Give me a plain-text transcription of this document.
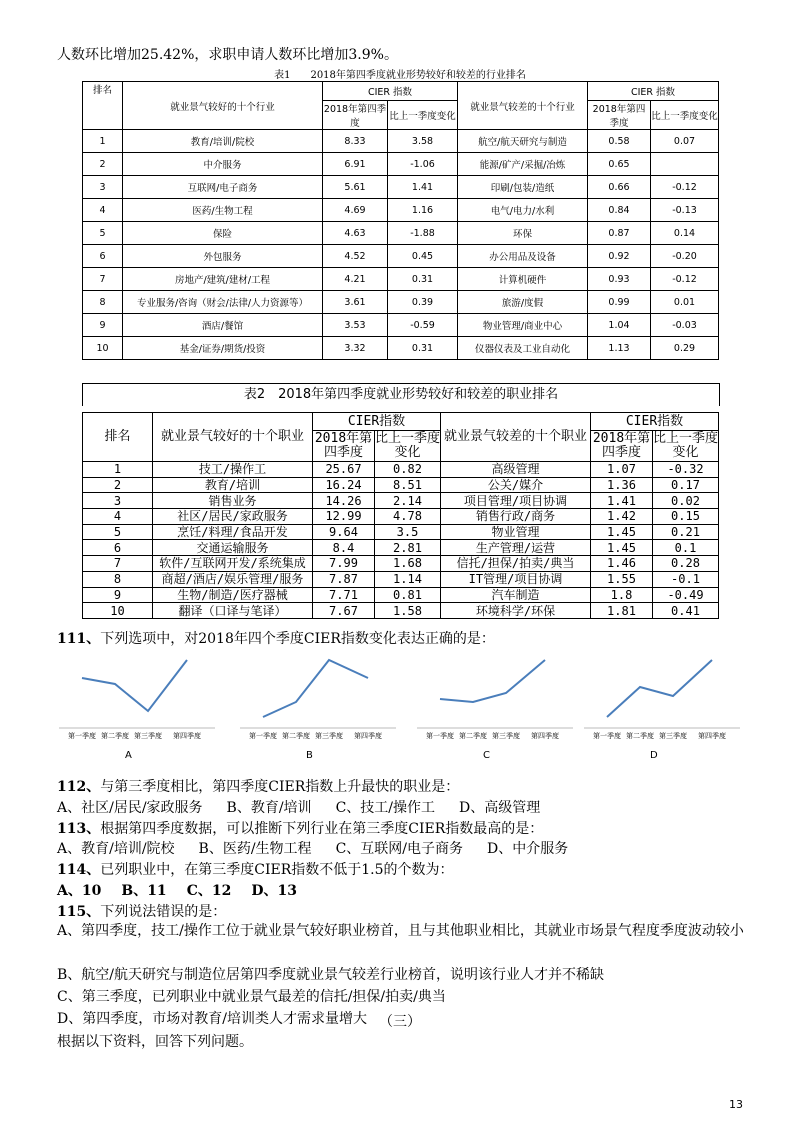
人数环比增加25.42%，求职申请人数环比增加3.9%。
表1　　2018年第四季度就业形势较好和较差的行业排名
排名	就业景气较好的十个行业	CIER 指数		就业景气较差的十个行业	CIER 指数	
		2018年第四季度	比上一季度变化		2018年第四季度	比上一季度变化

1	教育/培训/院校	8.33	3.58	航空/航天研究与制造	0.58	0.07
2	中介服务	6.91	-1.06	能源/矿产/采掘/冶炼	0.65	
3	互联网/电子商务	5.61	1.41	印刷/包装/造纸	0.66	-0.12
4	医药/生物工程	4.69	1.16	电气/电力/水利	0.84	-0.13
5	保险	4.63	-1.88	环保	0.87	0.14
6	外包服务	4.52	0.45	办公用品及设备	0.92	-0.20
7	房地产/建筑/建材/工程	4.21	0.31	计算机硬件	0.93	-0.12
8	专业服务/咨询（财会/法律/人力资源等）	3.61	0.39	旅游/度假	0.99	0.01
9	酒店/餐馆	3.53	-0.59	物业管理/商业中心	1.04	-0.03
10	基金/证券/期货/投资	3.32	0.31	仪器仪表及工业自动化	1.13	0.29
表2　2018年第四季度就业形势较好和较差的职业排名
排名	就业景气较好的十个职业	CIER指数		就业景气较差的十个职业	CIER指数	
		2018年第四季度	比上一季度变化		2018年第四季度	比上一季度变化
1	技工/操作工	25.67	0.82	高级管理	1.07	-0.32
2	教育/培训	16.24	8.51	公关/媒介	1.36	0.17
3	销售业务	14.26	2.14	项目管理/项目协调	1.41	0.02
4	社区/居民/家政服务	12.99	4.78	销售行政/商务	1.42	0.15
5	烹饪/料理/食品开发	9.64	3.5	物业管理	1.45	0.21
6	交通运输服务	8.4	2.81	生产管理/运营	1.45	0.1
7	软件/互联网开发/系统集成	7.99	1.68	信托/担保/拍卖/典当	1.46	0.28
8	商超/酒店/娱乐管理/服务	7.87	1.14	IT管理/项目协调	1.55	-0.1
9	生物/制造/医疗器械	7.71	0.81	汽车制造	1.8	-0.49
10	翻译（口译与笔译）	7.67	1.58	环境科学/环保	1.81	0.41
111、下列选项中，对2018年四个季度CIER指数变化表达正确的是：
第一季度 第二季度 第三季度 第四季度
A
第一季度 第二季度 第三季度 第四季度
B
第一季度 第二季度 第三季度 第四季度
C
第一季度 第二季度 第三季度 第四季度
D
112、与第三季度相比，第四季度CIER指数上升最快的职业是：
A、社区/居民/家政服务 B、教育/培训 C、技工/操作工 D、高级管理
113、根据第四季度数据，可以推断下列行业在第三季度CIER指数最高的是：
A、教育/培训/院校 B、医药/生物工程 C、互联网/电子商务 D、中介服务
114、已列职业中，在第三季度CIER指数不低于1.5的个数为：
A、10 B、11 C、12 D、13
115、下列说法错误的是：
A、第四季度，技工/操作工位于就业景气较好职业榜首，且与其他职业相比，其就业市场景气程度季度波动较小
B、航空/航天研究与制造位居第四季度就业景气较差行业榜首，说明该行业人才并不稀缺
C、第三季度，已列职业中就业景气最差的信托/担保/拍卖/典当
D、第四季度，市场对教育/培训类人才需求量增大 （三）
根据以下资料，回答下列问题。
13
